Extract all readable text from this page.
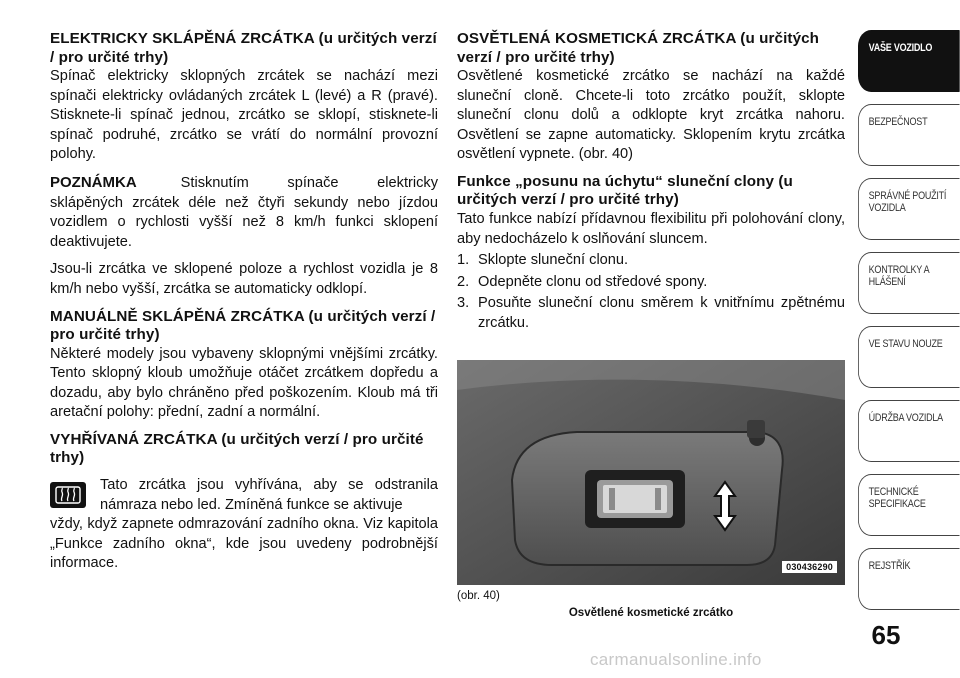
ELEKTRICKY SKLÁPĚNÁ ZRCÁTKA (u určitých verzí / pro určité trhy)

Spínač elektricky sklopných zrcátek se nachází mezi spínači elektricky ovládaných zrcátek L (levé) a R (pravé). Stisknete-li spínač jednou, zrcátko se sklopí, stisknete-li spínač podruhé, zrcátko se vrátí do normální provozní polohy.

POZNÁMKA	Stisknutím spínače elektricky sklápěných zrcátek déle než čtyři sekundy nebo jízdou vozidlem o rychlosti vyšší než 8 km/h funkci sklopení deaktivujete.

Jsou-li zrcátka ve sklopené poloze a rychlost vozidla je 8 km/h nebo vyšší, zrcátka se automaticky odklopí.

MANUÁLNĚ SKLÁPĚNÁ ZRCÁTKA (u určitých verzí / pro určité trhy)

Některé modely jsou vybaveny sklopnými vnějšími zrcátky. Tento sklopný kloub umožňuje otáčet zrcátkem dopředu a dozadu, aby bylo chráněno před poškozením. Kloub má tři aretační polohy: přední, zadní a normální.

VYHŘÍVANÁ ZRCÁTKA (u určitých verzí / pro určité trhy)

Tato zrcátka jsou vyhřívána, aby se odstranila námraza nebo led. Zmíněná funkce se aktivuje

vždy, když zapnete odmrazování zadního okna. Viz kapitola „Funkce zadního okna“, kde jsou uvedeny podrobnější informace.

OSVĚTLENÁ KOSMETICKÁ ZRCÁTKA (u určitých verzí / pro určité trhy)

Osvětlené kosmetické zrcátko se nachází na každé sluneční cloně. Chcete-li toto zrcátko použít, sklopte sluneční clonu dolů a odklopte kryt zrcátka nahoru. Osvětlení se zapne automaticky. Sklopením krytu zrcátka osvětlení vypnete. (obr. 40)

Funkce „posunu na úchytu“ sluneční clony (u určitých verzí / pro určité trhy)

Tato funkce nabízí přídavnou flexibilitu při polohování clony, aby nedocházelo k oslňování sluncem.

1. Sklopte sluneční clonu.
2. Odepněte clonu od středové spony.
3. Posuňte sluneční clonu směrem k vnitřnímu zpětnému zrcátku.
030436290
(obr. 40)
Osvětlené kosmetické zrcátko
VAŠE VOZIDLO
BEZPEČNOST
SPRÁVNÉ POUŽITÍ VOZIDLA
KONTROLKY A HLÁŠENÍ
VE STAVU NOUZE
ÚDRŽBA VOZIDLA
TECHNICKÉ SPECIFIKACE
REJSTŘÍK
65
carmanualsonline.info
